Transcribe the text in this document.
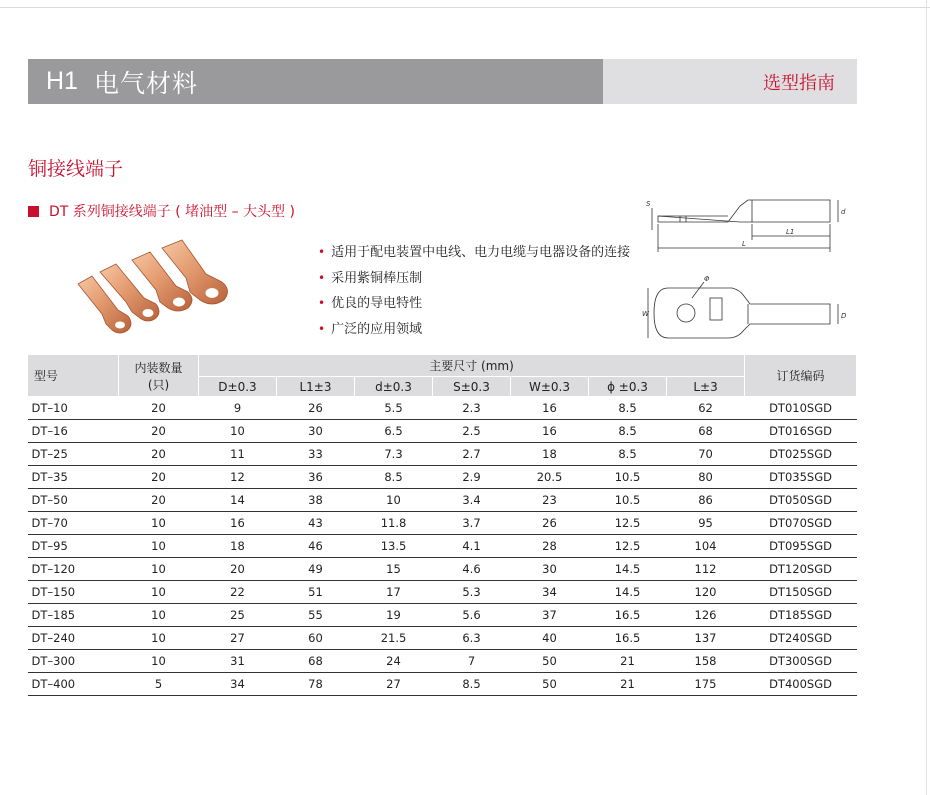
H1 电气材料	选型指南
铜接线端子
DT 系列铜接线端子 ( 堵油型 – 大头型 )
• 适用于配电装置中电线、电力电缆与电器设备的连接
• 采用紫铜棒压制
• 优良的导电特性
• 广泛的应用领域
S
d
L1
L
Φ
W	D
型号	内装数量
(只)	主要尺寸 (mm)							订货编码
		D±0.3	L1±3	d±0.3	S±0.3	W±0.3	ϕ ±0.3	L±3	
DT–10	20	9	26	5.5	2.3	16	8.5	62	DT010SGD
DT–16	20	10	30	6.5	2.5	16	8.5	68	DT016SGD
DT–25	20	11	33	7.3	2.7	18	8.5	70	DT025SGD
DT–35	20	12	36	8.5	2.9	20.5	10.5	80	DT035SGD
DT–50	20	14	38	10	3.4	23	10.5	86	DT050SGD
DT–70	10	16	43	11.8	3.7	26	12.5	95	DT070SGD
DT–95	10	18	46	13.5	4.1	28	12.5	104	DT095SGD
DT–120	10	20	49	15	4.6	30	14.5	112	DT120SGD
DT–150	10	22	51	17	5.3	34	14.5	120	DT150SGD
DT–185	10	25	55	19	5.6	37	16.5	126	DT185SGD
DT–240	10	27	60	21.5	6.3	40	16.5	137	DT240SGD
DT–300	10	31	68	24	7	50	21	158	DT300SGD
DT–400	5	34	78	27	8.5	50	21	175	DT400SGD
